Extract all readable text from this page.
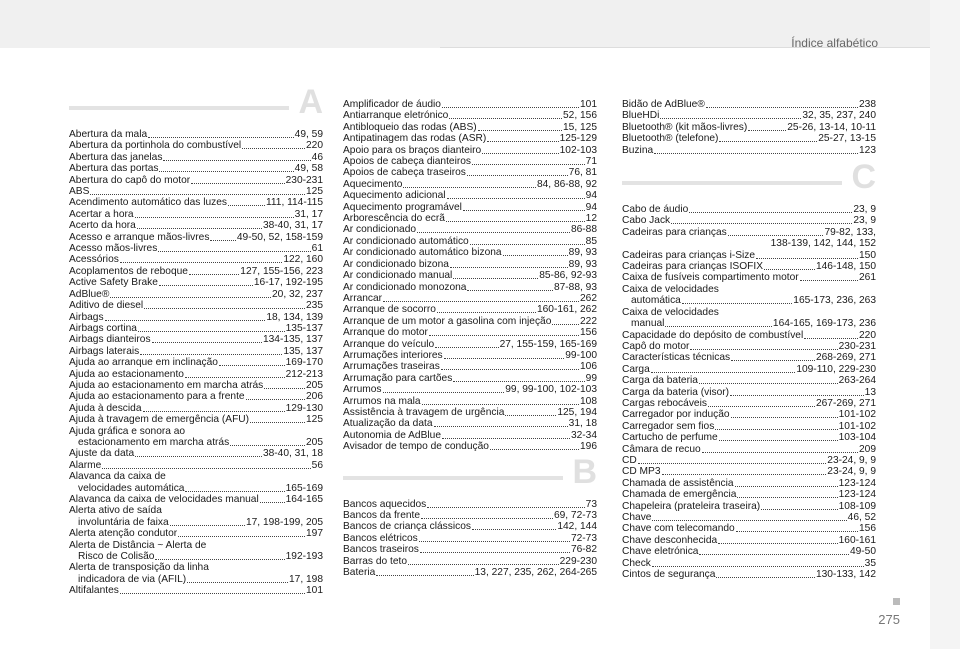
Índice alfabético
275
A
Abertura da mala	49, 59
Abertura da portinhola do combustível	220
Abertura das janelas	46
Abertura das portas	49, 58
Abertura do capô do motor	230-231
ABS	125
Acendimento automático das luzes	111, 114-115
Acertar a hora	31, 17
Acerto da hora	38-40, 31, 17
Acesso e arranque mãos-livres	49-50, 52, 158-159
Acesso mãos-livres	61
Acessórios	122, 160
Acoplamentos de reboque	127, 155-156, 223
Active Safety Brake	16-17, 192-195
AdBlue®	20, 32, 237
Aditivo de diesel	235
Airbags	18, 134, 139
Airbags cortina	135-137
Airbags dianteiros	134-135, 137
Airbags laterais	135, 137
Ajuda ao arranque em inclinação	169-170
Ajuda ao estacionamento	212-213
Ajuda ao estacionamento em marcha atrás	205
Ajuda ao estacionamento para a frente	206
Ajuda à descida	129-130
Ajuda à travagem de emergência (AFU)	125
Ajuda gráfica e sonora ao
estacionamento em marcha atrás	205
Ajuste da data	38-40, 31, 18
Alarme	56
Alavanca da caixa de
velocidades automática	165-169
Alavanca da caixa de velocidades manual	164-165
Alerta ativo de saída
involuntária de faixa	17, 198-199, 205
Alerta atenção condutor	197
Alerta de Distância ~ Alerta de
Risco de Colisão	192-193
Alerta de transposição da linha
indicadora de via (AFIL)	17, 198
Altifalantes	101
Amplificador de áudio	101
Antiarranque eletrónico	52, 156
Antibloqueio das rodas (ABS)	15, 125
Antipatinagem das rodas (ASR)	125-129
Apoio para os braços dianteiro	102-103
Apoios de cabeça dianteiros	71
Apoios de cabeça traseiros	76, 81
Aquecimento	84, 86-88, 92
Aquecimento adicional	94
Aquecimento programável	94
Arborescência do ecrã	12
Ar condicionado	86-88
Ar condicionado automático	85
Ar condicionado automático bizona	89, 93
Ar condicionado bizona	89, 93
Ar condicionado manual	85-86, 92-93
Ar condicionado monozona	87-88, 93
Arrancar	262
Arranque de socorro	160-161, 262
Arranque de um motor a gasolina com injeção	222
Arranque do motor	156
Arranque do veículo	27, 155-159, 165-169
Arrumações interiores	99-100
Arrumações traseiras	106
Arrumação para cartões	99
Arrumos	99, 99-100, 102-103
Arrumos na mala	108
Assistência à travagem de urgência	125, 194
Atualização da data	31, 18
Autonomia de AdBlue	32-34
Avisador de tempo de condução	196
B
Bancos aquecidos	73
Bancos da frente	69, 72-73
Bancos de criança clássicos	142, 144
Bancos elétricos	72-73
Bancos traseiros	76-82
Barras do teto	229-230
Bateria	13, 227, 235, 262, 264-265
Bidão de AdBlue®	238
BlueHDi	32, 35, 237, 240
Bluetooth® (kit mãos-livres)	25-26, 13-14, 10-11
Bluetooth® (telefone)	25-27, 13-15
Buzina	123
C
Cabo de áudio	23, 9
Cabo Jack	23, 9
Cadeiras para crianças	79-82, 133,
138-139, 142, 144, 152
Cadeiras para crianças i-Size	150
Cadeiras para crianças ISOFIX	146-148, 150
Caixa de fusíveis compartimento motor	261
Caixa de velocidades
automática	165-173, 236, 263
Caixa de velocidades
manual	164-165, 169-173, 236
Capacidade do depósito de combustível	220
Capô do motor	230-231
Características técnicas	268-269, 271
Carga	109-110, 229-230
Carga da bateria	263-264
Carga da bateria (visor)	13
Cargas rebocáveis	267-269, 271
Carregador por indução	101-102
Carregador sem fios	101-102
Cartucho de perfume	103-104
Câmara de recuo	209
CD	23-24, 9, 9
CD MP3	23-24, 9, 9
Chamada de assistência	123-124
Chamada de emergência	123-124
Chapeleira (prateleira traseira)	108-109
Chave	46, 52
Chave com telecomando	156
Chave desconhecida	160-161
Chave eletrónica	49-50
Check	35
Cintos de segurança	130-133, 142
